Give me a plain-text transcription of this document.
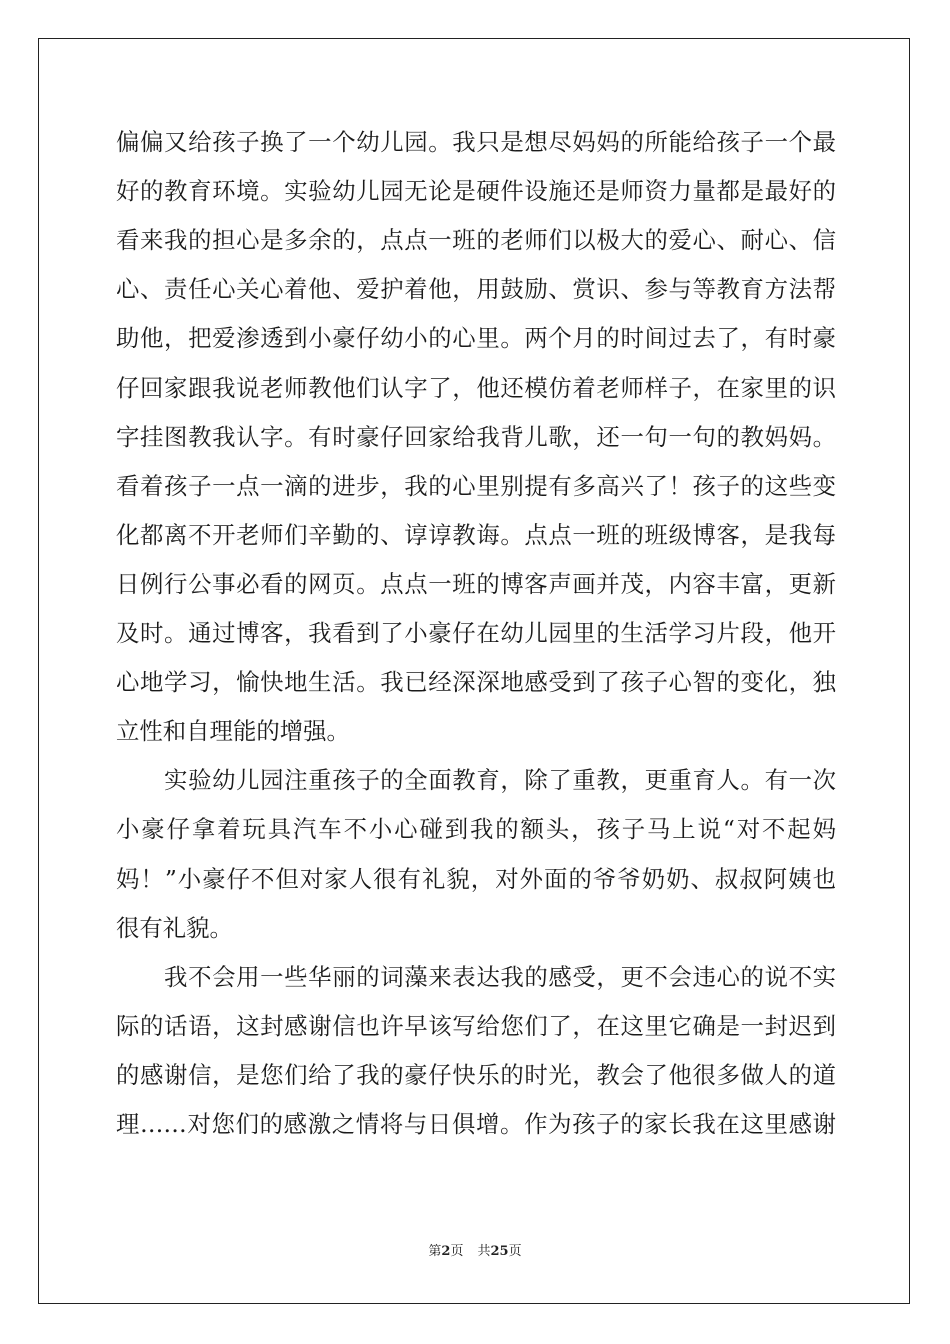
偏偏又给孩子换了一个幼儿园。我只是想尽妈妈的所能给孩子一个最
好的教育环境。实验幼儿园无论是硬件设施还是师资力量都是最好的
看来我的担心是多余的，点点一班的老师们以极大的爱心、耐心、信
心、责任心关心着他、爱护着他，用鼓励、赏识、参与等教育方法帮
助他，把爱渗透到小豪仔幼小的心里。两个月的时间过去了，有时豪
仔回家跟我说老师教他们认字了，他还模仿着老师样子，在家里的识
字挂图教我认字。有时豪仔回家给我背儿歌，还一句一句的教妈妈。
看着孩子一点一滴的进步，我的心里别提有多高兴了！孩子的这些变
化都离不开老师们辛勤的、谆谆教诲。点点一班的班级博客，是我每
日例行公事必看的网页。点点一班的博客声画并茂，内容丰富，更新
及时。通过博客，我看到了小豪仔在幼儿园里的生活学习片段，他开
心地学习，愉快地生活。我已经深深地感受到了孩子心智的变化，独
立性和自理能的增强。
　　实验幼儿园注重孩子的全面教育，除了重教，更重育人。有一次
小豪仔拿着玩具汽车不小心碰到我的额头，孩子马上说“对不起妈
妈！”小豪仔不但对家人很有礼貌，对外面的爷爷奶奶、叔叔阿姨也
很有礼貌。
　　我不会用一些华丽的词藻来表达我的感受，更不会违心的说不实
际的话语，这封感谢信也许早该写给您们了，在这里它确是一封迟到
的感谢信，是您们给了我的豪仔快乐的时光，教会了他很多做人的道
理……对您们的感激之情将与日俱增。作为孩子的家长我在这里感谢
第2页 共25页
